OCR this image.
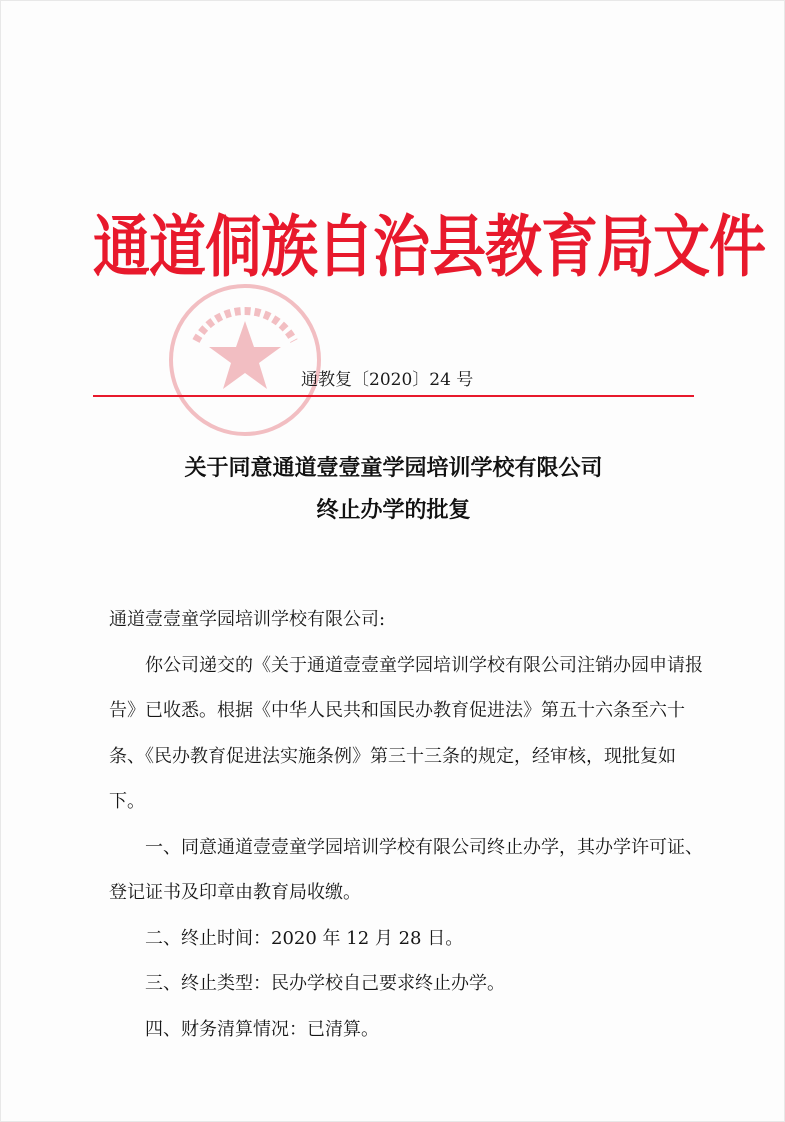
通道侗族自治县教育局文件
通教复〔2020〕24 号
关于同意通道壹壹童学园培训学校有限公司
终止办学的批复

通道壹壹童学园培训学校有限公司:

你公司递交的《关于通道壹壹童学园培训学校有限公司注销办园申请报告》已收悉。根据《中华人民共和国民办教育促进法》第五十六条至六十条、《民办教育促进法实施条例》第三十三条的规定，经审核，现批复如下。

一、同意通道壹壹童学园培训学校有限公司终止办学，其办学许可证、登记证书及印章由教育局收缴。

二、终止时间：2020 年 12 月 28 日。

三、终止类型：民办学校自己要求终止办学。

四、财务清算情况：已清算。
